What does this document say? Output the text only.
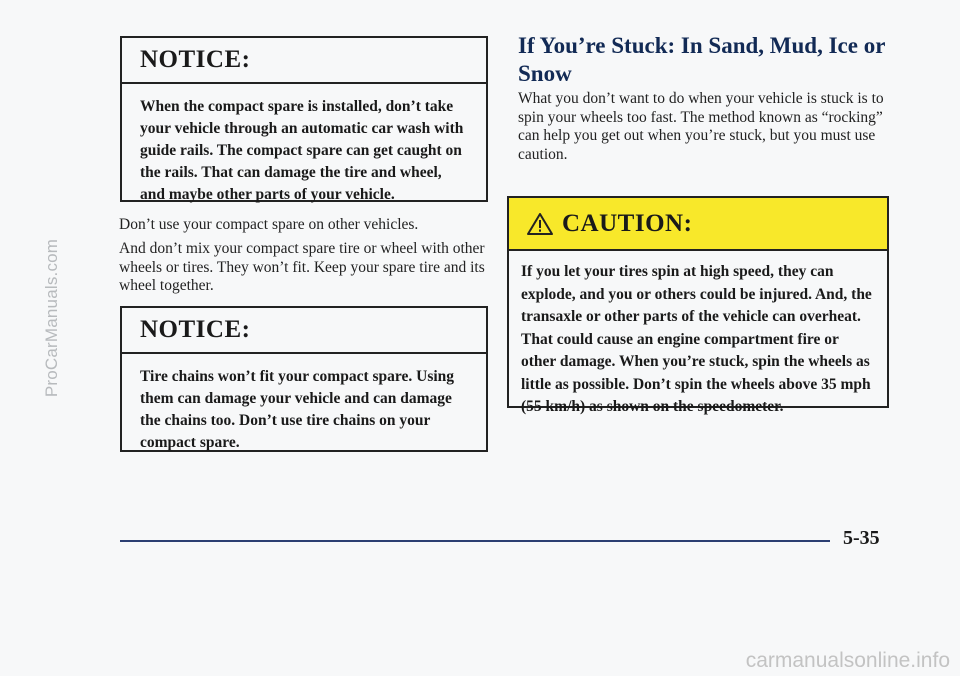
ProCarManuals.com
NOTICE:
When the compact spare is installed, don’t take your vehicle through an automatic car wash with guide rails. The compact spare can get caught on the rails. That can damage the tire and wheel, and maybe other parts of your vehicle.
Don’t use your compact spare on other vehicles.
And don’t mix your compact spare tire or wheel with other wheels or tires. They won’t fit. Keep your spare tire and its wheel together.
NOTICE:
Tire chains won’t fit your compact spare. Using them can damage your vehicle and can damage the chains too. Don’t use tire chains on your compact spare.
If You’re Stuck: In Sand, Mud, Ice or Snow
What you don’t want to do when your vehicle is stuck is to spin your wheels too fast. The method known as “rocking” can help you get out when you’re stuck, but you must use caution.
CAUTION:
If you let your tires spin at high speed, they can explode, and you or others could be injured. And, the transaxle or other parts of the vehicle can overheat. That could cause an engine compartment fire or other damage. When you’re stuck, spin the wheels as little as possible. Don’t spin the wheels above 35 mph (55 km/h) as shown on the speedometer.
5-35
carmanualsonline.info
